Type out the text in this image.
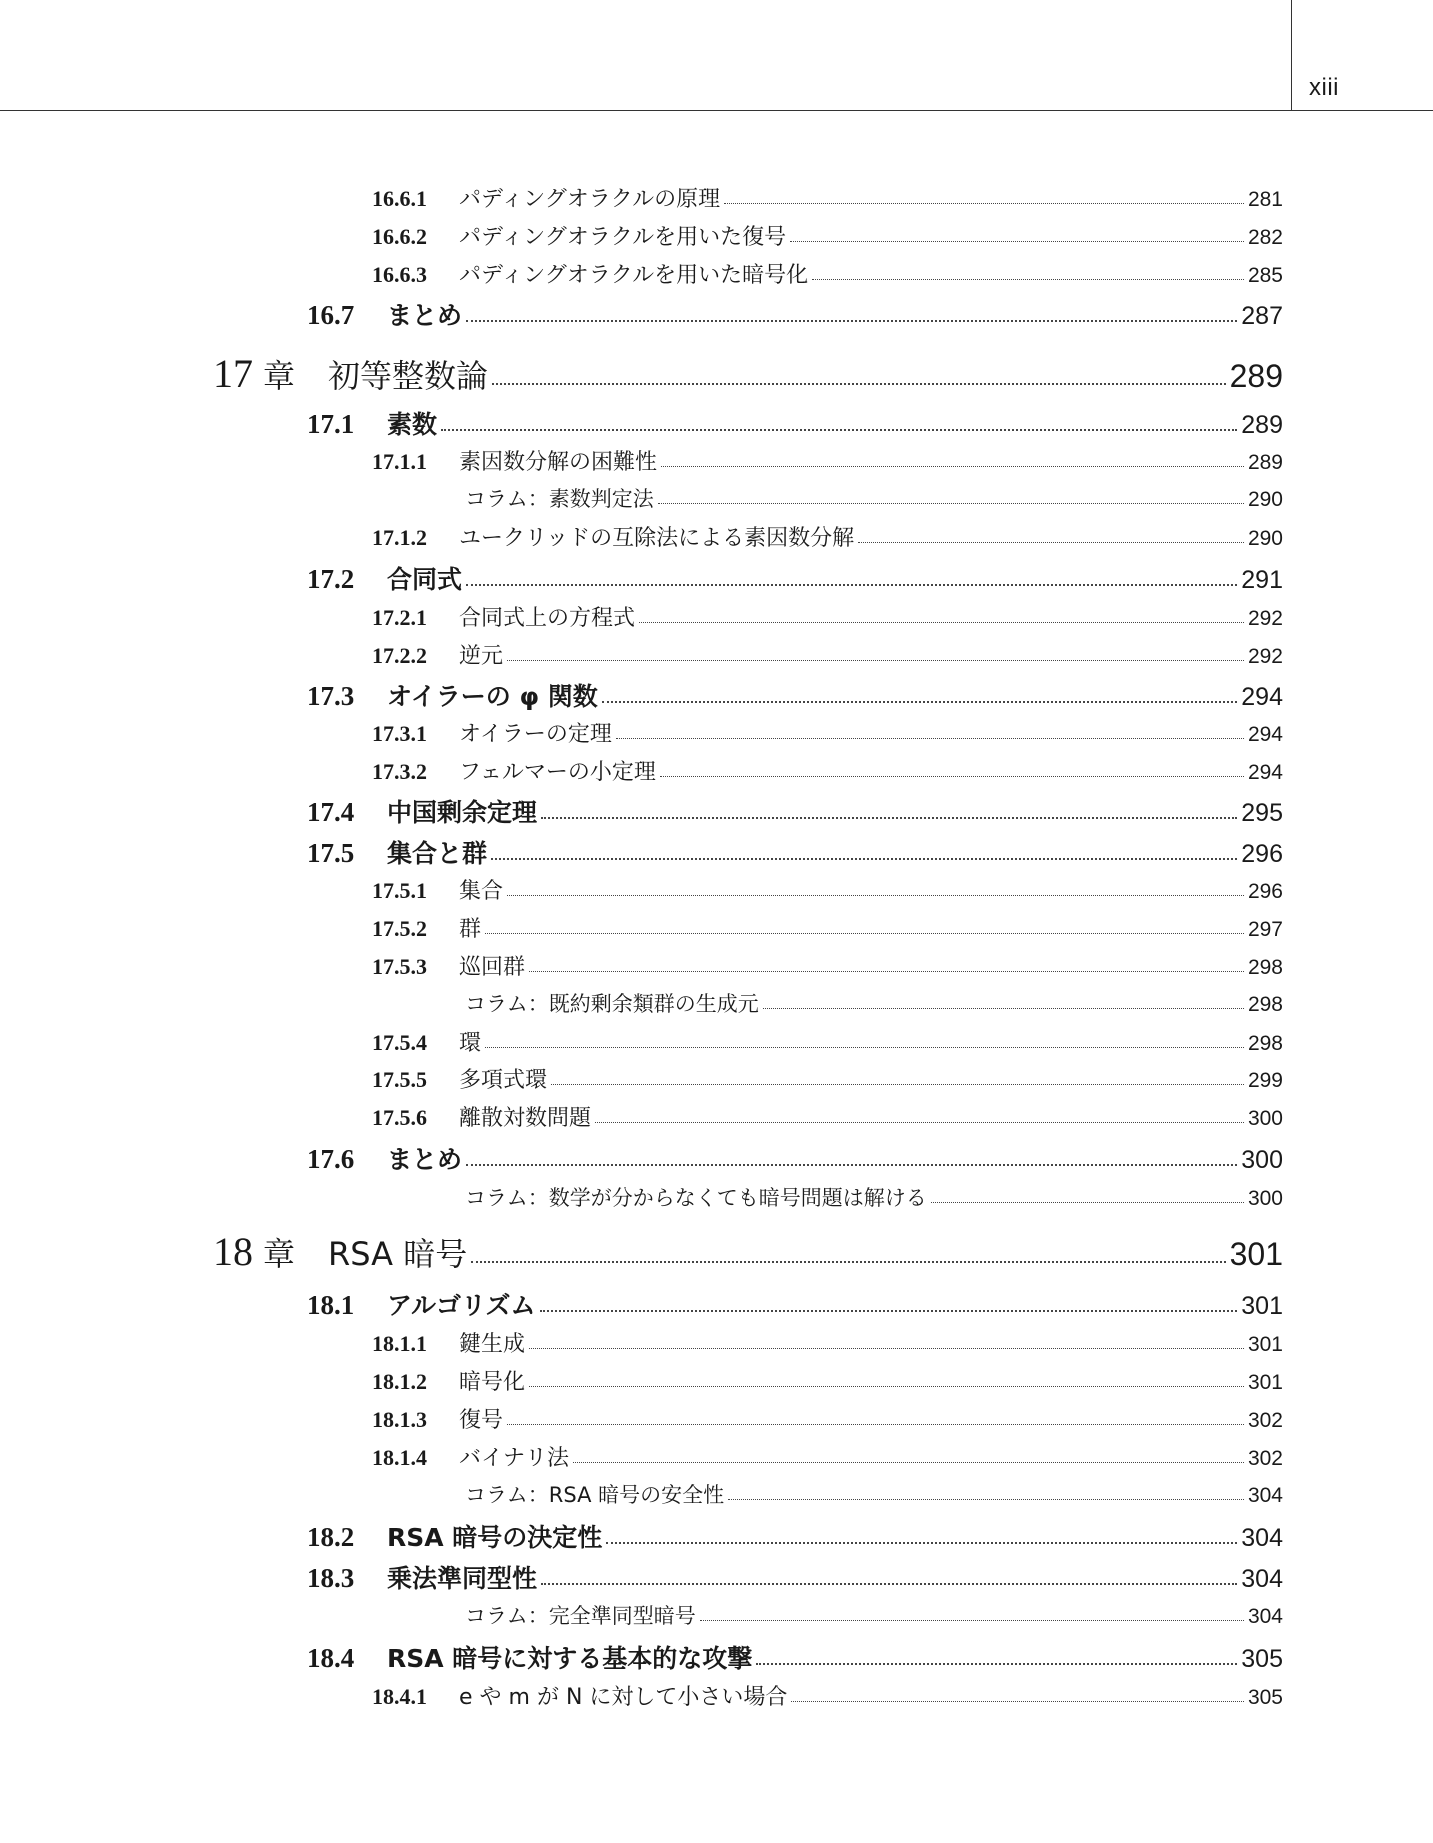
xiii
16.6.1	パディングオラクルの原理	281
16.6.2	パディングオラクルを用いた復号	282
16.6.3	パディングオラクルを用いた暗号化	285
16.7	まとめ	287
17 章	初等整数論	289
17.1	素数	289
17.1.1	素因数分解の困難性	289
コラム：素数判定法	290
17.1.2	ユークリッドの互除法による素因数分解	290
17.2	合同式	291
17.2.1	合同式上の方程式	292
17.2.2	逆元	292
17.3	オイラーの φ 関数	294
17.3.1	オイラーの定理	294
17.3.2	フェルマーの小定理	294
17.4	中国剰余定理	295
17.5	集合と群	296
17.5.1	集合	296
17.5.2	群	297
17.5.3	巡回群	298
コラム：既約剰余類群の生成元	298
17.5.4	環	298
17.5.5	多項式環	299
17.5.6	離散対数問題	300
17.6	まとめ	300
コラム：数学が分からなくても暗号問題は解ける	300
18 章	RSA 暗号	301
18.1	アルゴリズム	301
18.1.1	鍵生成	301
18.1.2	暗号化	301
18.1.3	復号	302
18.1.4	バイナリ法	302
コラム：RSA 暗号の安全性	304
18.2	RSA 暗号の決定性	304
18.3	乗法準同型性	304
コラム：完全準同型暗号	304
18.4	RSA 暗号に対する基本的な攻撃	305
18.4.1	e や m が N に対して小さい場合	305
